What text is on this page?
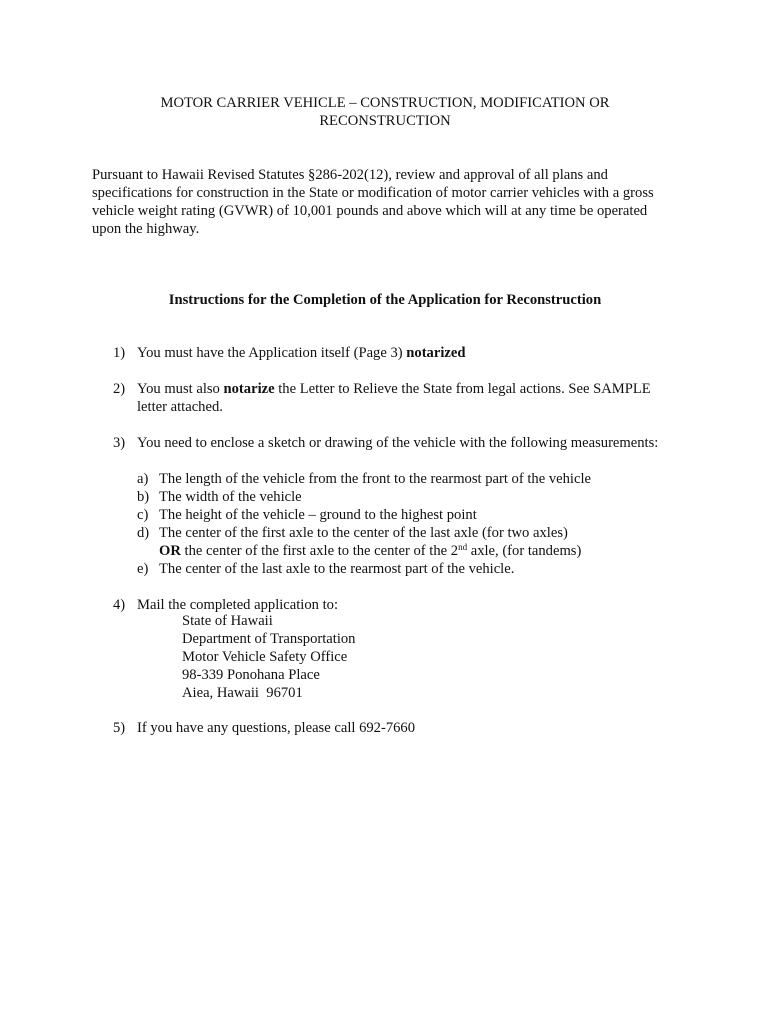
MOTOR CARRIER VEHICLE – CONSTRUCTION, MODIFICATION OR
RECONSTRUCTION
Pursuant to Hawaii Revised Statutes §286-202(12), review and approval of all plans and
specifications for construction in the State or modification of motor carrier vehicles with a gross
vehicle weight rating (GVWR) of 10,001 pounds and above which will at any time be operated
upon the highway.
Instructions for the Completion of the Application for Reconstruction
1) You must have the Application itself (Page 3) notarized
2) You must also notarize the Letter to Relieve the State from legal actions. See SAMPLE
letter attached.
3) You need to enclose a sketch or drawing of the vehicle with the following measurements:
a) The length of the vehicle from the front to the rearmost part of the vehicle
b) The width of the vehicle
c) The height of the vehicle – ground to the highest point
d) The center of the first axle to the center of the last axle (for two axles)
OR the center of the first axle to the center of the 2nd axle, (for tandems)
e) The center of the last axle to the rearmost part of the vehicle.
4) Mail the completed application to:
State of Hawaii
Department of Transportation
Motor Vehicle Safety Office
98-339 Ponohana Place
Aiea, Hawaii  96701
5) If you have any questions, please call 692-7660
